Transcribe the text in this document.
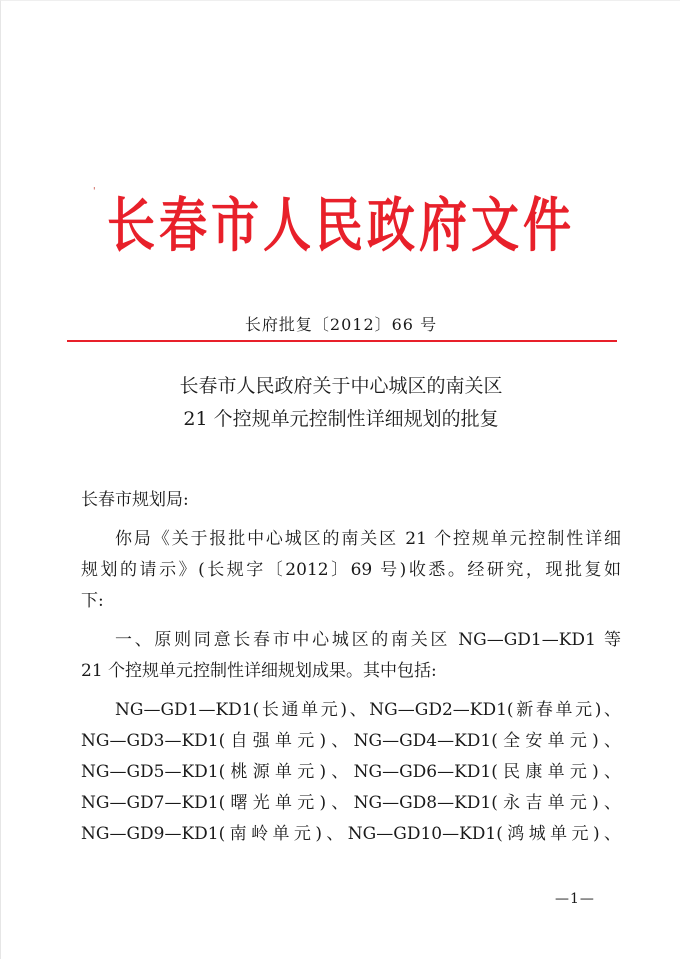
' 长春市人民政府文件
长府批复〔2012〕66 号
长春市人民政府关于中心城区的南关区
21 个控规单元控制性详细规划的批复
长春市规划局:
你局《关于报批中心城区的南关区 21 个控规单元控制性详细
规划的请示》(长规字〔2012〕69 号)收悉。经研究，现批复如
下:
一、原则同意长春市中心城区的南关区 NG—GD1—KD1 等
21 个控规单元控制性详细规划成果。其中包括:
NG—GD1—KD1(长通单元)、NG—GD2—KD1(新春单元)、
NG—GD3—KD1(自强单元)、NG—GD4—KD1(全安单元)、
NG—GD5—KD1(桃源单元)、NG—GD6—KD1(民康单元)、
NG—GD7—KD1(曙光单元)、NG—GD8—KD1(永吉单元)、
NG—GD9—KD1(南岭单元)、NG—GD10—KD1(鸿城单元)、
—1—
